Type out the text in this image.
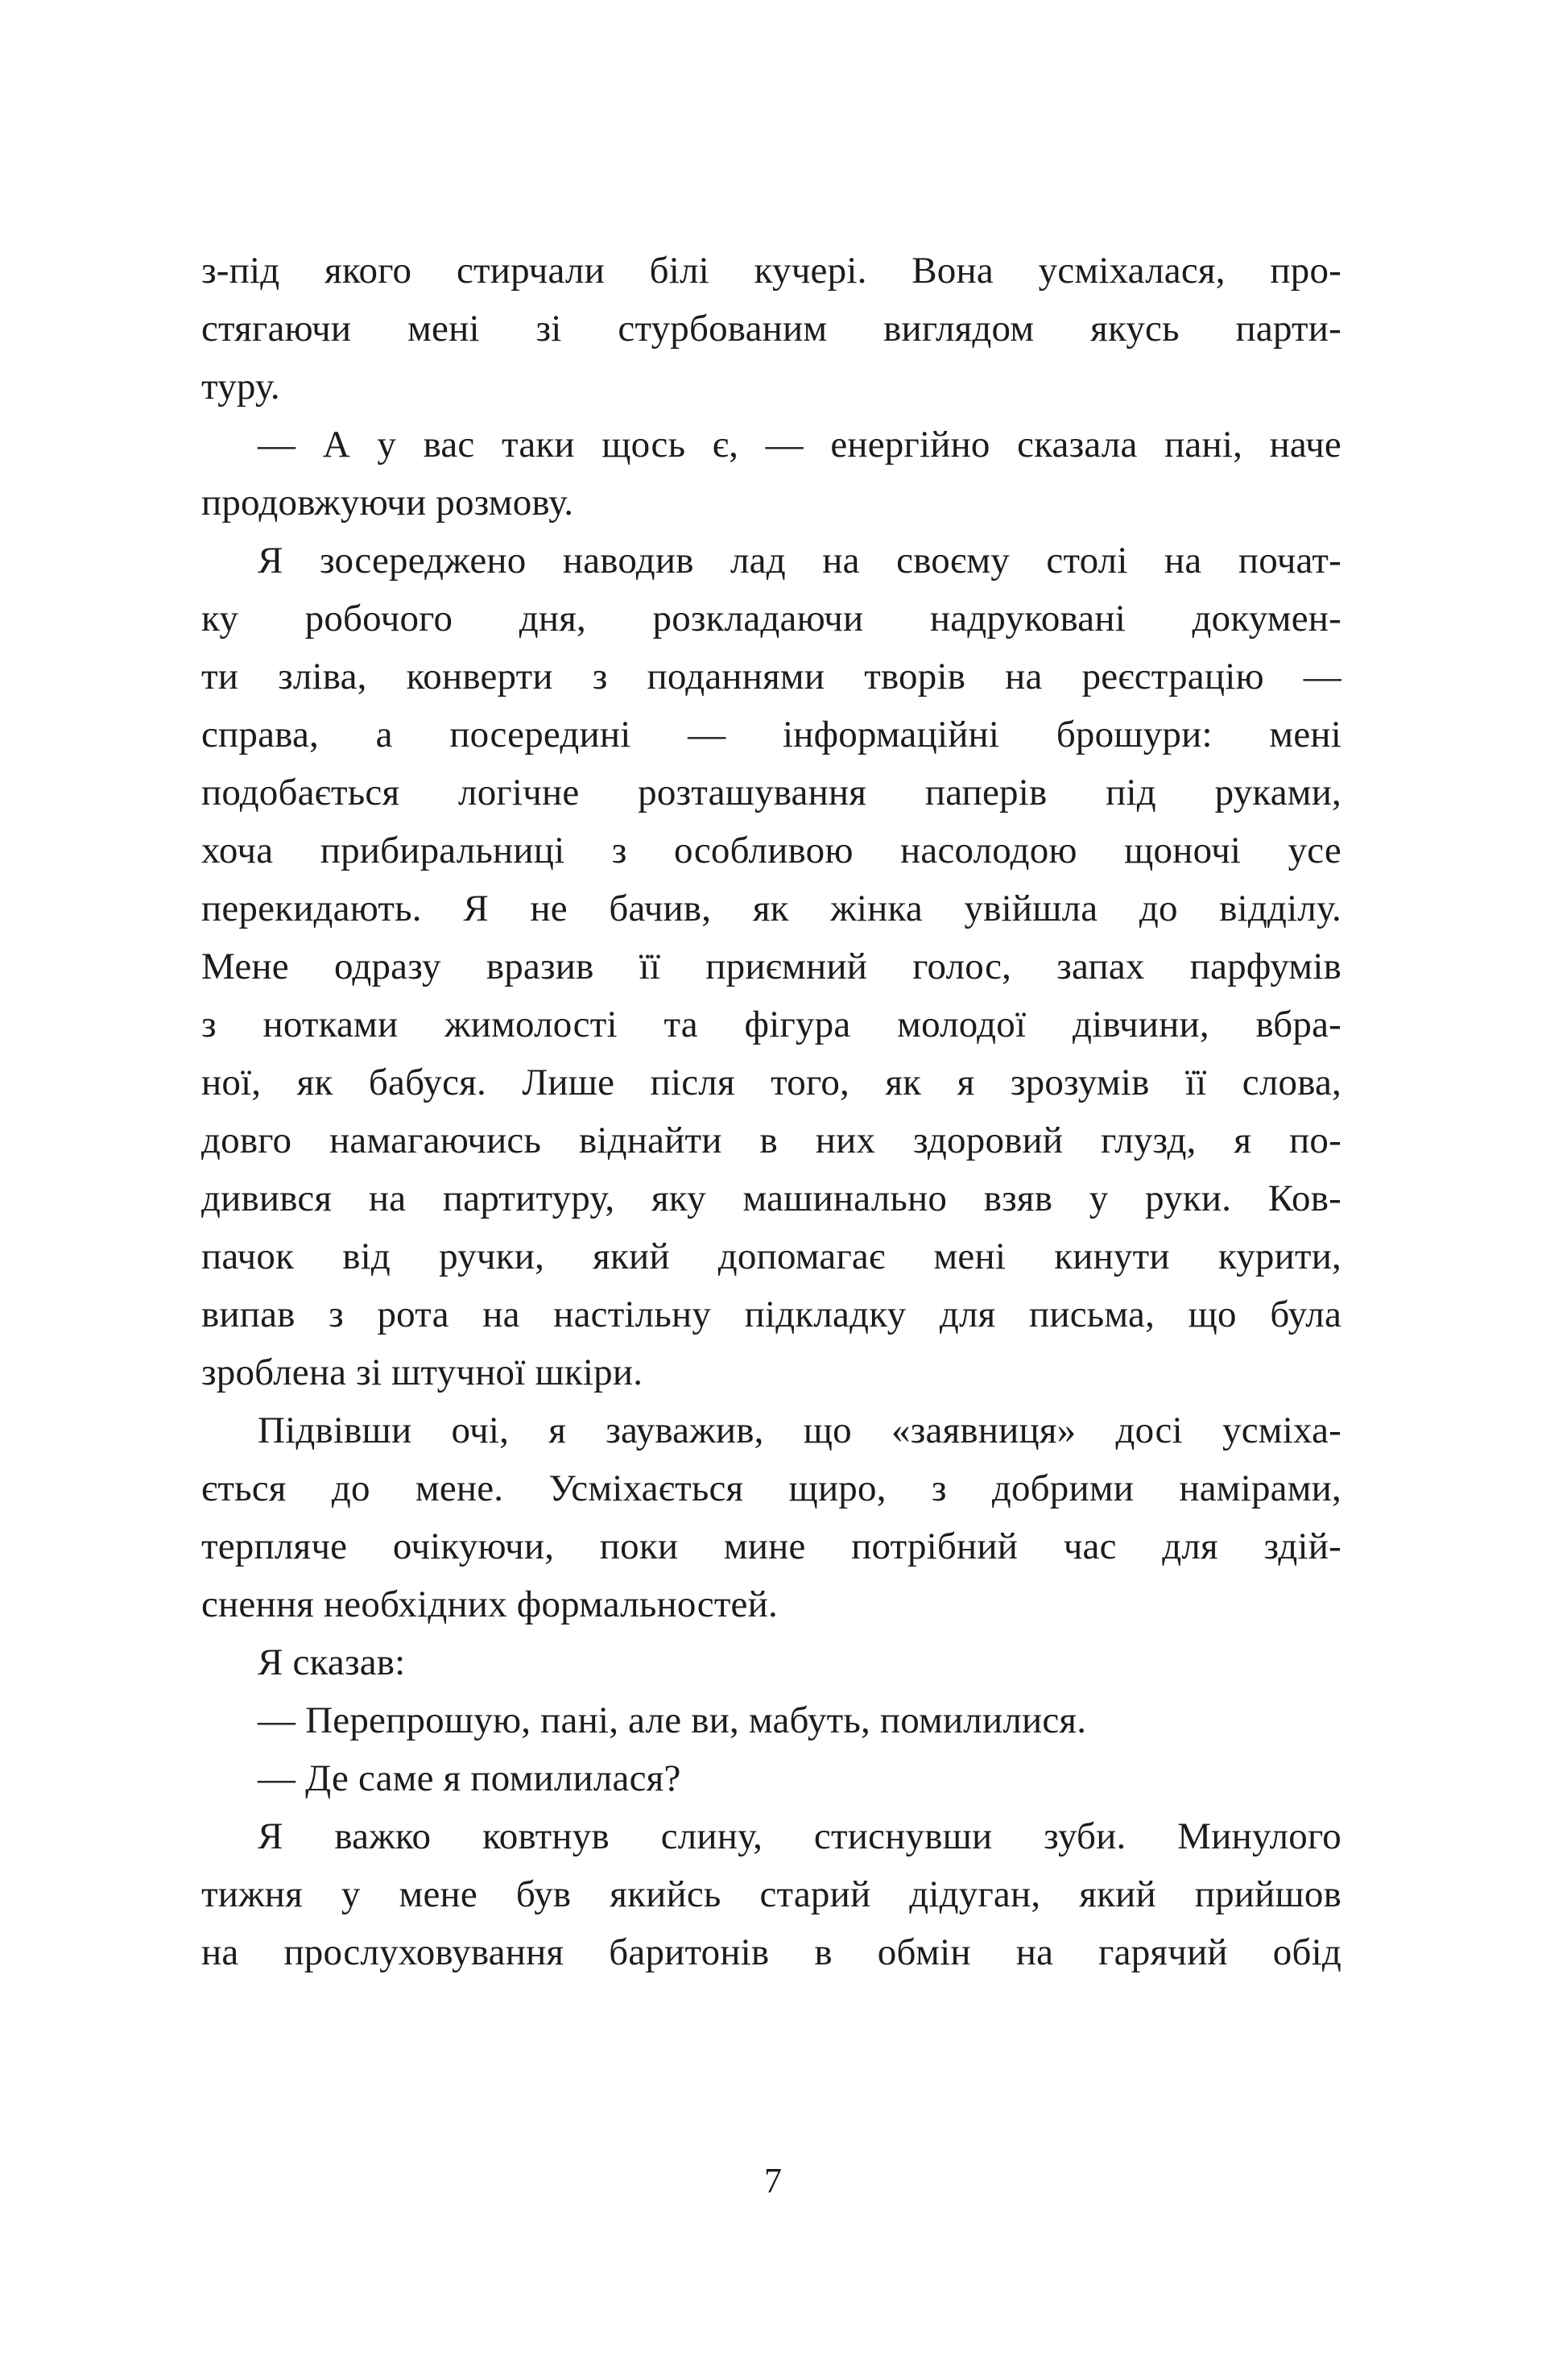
з-під якого стирчали білі кучері. Вона усміхалася, про-
стягаючи мені зі стурбованим виглядом якусь парти-
туру.
— А у вас таки щось є, — енергійно сказала пані, наче
продовжуючи розмову.
Я зосереджено наводив лад на своєму столі на почат-
ку робочого дня, розкладаючи надруковані докумен-
ти зліва, конверти з поданнями творів на реєстрацію —
справа, а посередині — інформаційні брошури: мені
подобається логічне розташування паперів під руками,
хоча прибиральниці з особливою насолодою щоночі усе
перекидають. Я не бачив, як жінка увійшла до відділу.
Мене одразу вразив її приємний голос, запах парфумів
з нотками жимолості та фігура молодої дівчини, вбра-
ної, як бабуся. Лише після того, як я зрозумів її слова,
довго намагаючись віднайти в них здоровий глузд, я по-
дивився на партитуру, яку машинально взяв у руки. Ков-
пачок від ручки, який допомагає мені кинути курити,
випав з рота на настільну підкладку для письма, що була
зроблена зі штучної шкіри.
Підвівши очі, я зауважив, що «заявниця» досі усміха-
ється до мене. Усміхається щиро, з добрими намірами,
терпляче очікуючи, поки мине потрібний час для здій-
снення необхідних формальностей.
Я сказав:
— Перепрошую, пані, але ви, мабуть, помилилися.
— Де саме я помилилася?
Я важко ковтнув слину, стиснувши зуби. Минулого
тижня у мене був якийсь старий дідуган, який прийшов
на прослуховування баритонів в обмін на гарячий обід
7
